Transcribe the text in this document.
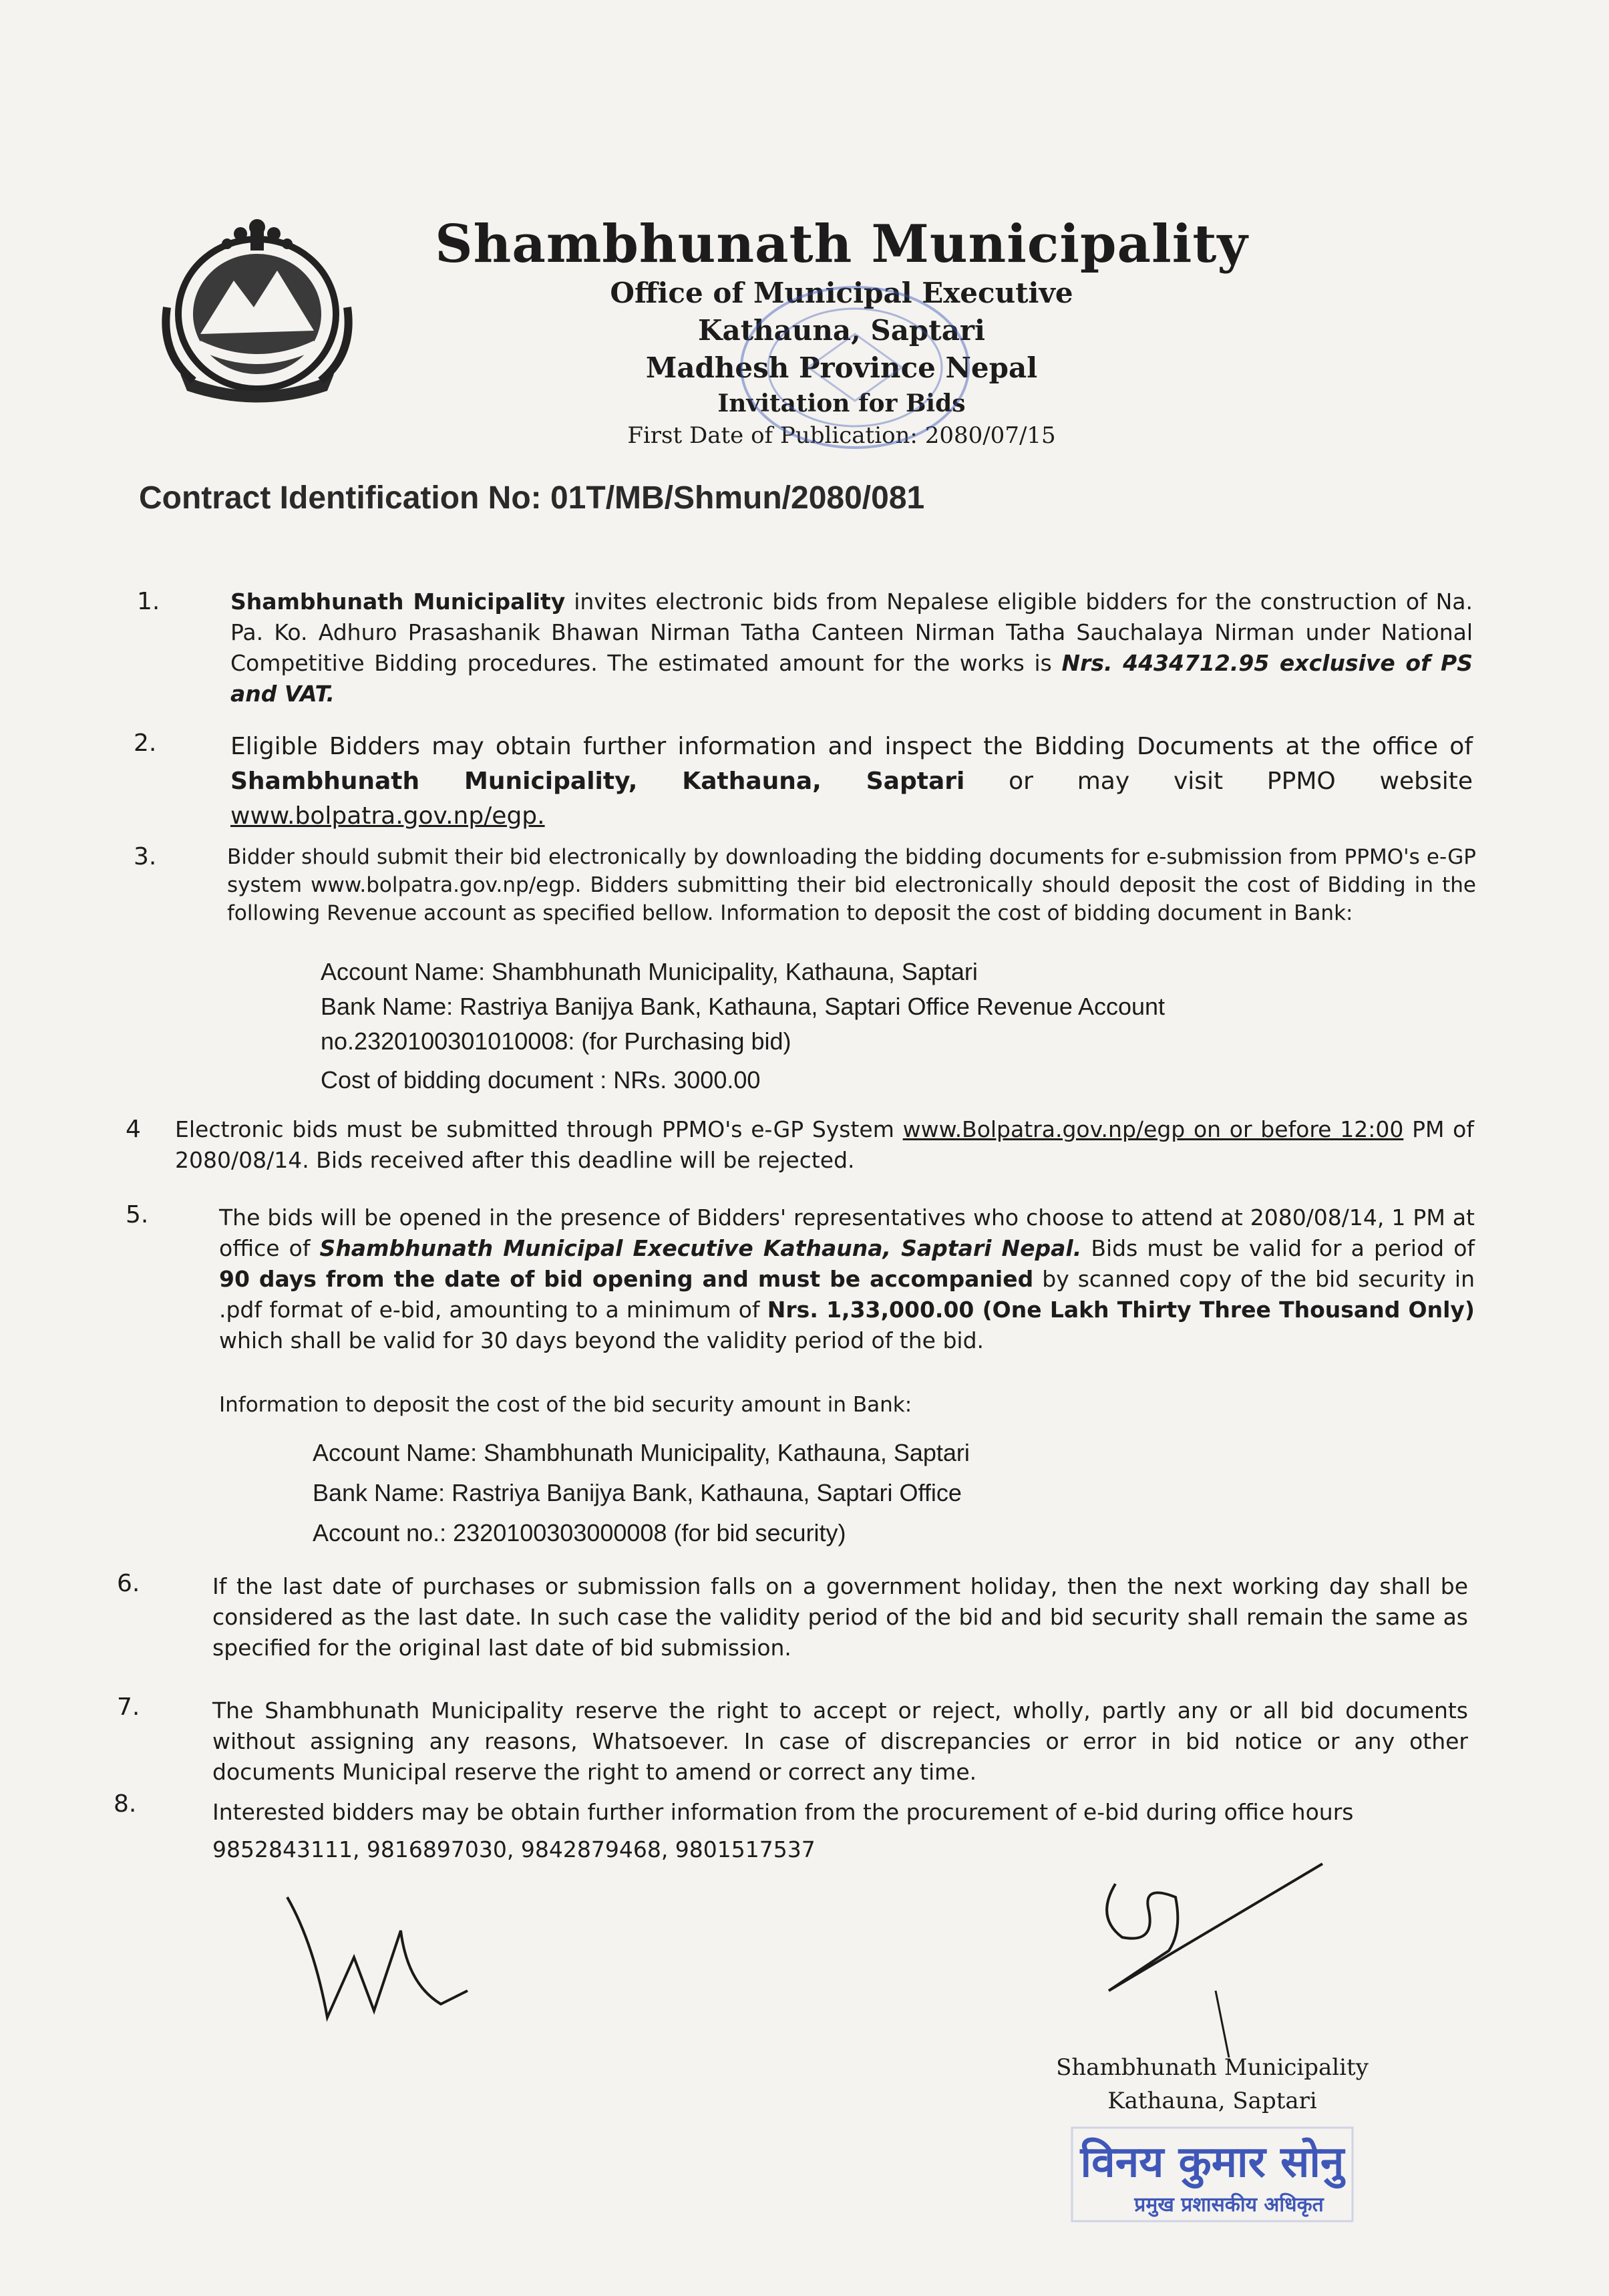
Shambhunath Municipality
Office of Municipal Executive
Kathauna, Saptari
Madhesh Province Nepal
Invitation for Bids
First Date of Publication: 2080/07/15
Contract Identification No: 01T/MB/Shmun/2080/081
1.	Shambhunath Municipality invites electronic bids from Nepalese eligible bidders for the construction of Na. Pa. Ko. Adhuro Prasashanik Bhawan Nirman Tatha Canteen Nirman Tatha Sauchalaya Nirman under National Competitive Bidding procedures. The estimated amount for the works is Nrs. 4434712.95 exclusive of PS and VAT.
2.	Eligible Bidders may obtain further information and inspect the Bidding Documents at the office of Shambhunath Municipality, Kathauna, Saptari or may visit PPMO website www.bolpatra.gov.np/egp.
3.	Bidder should submit their bid electronically by downloading the bidding documents for e-submission from PPMO's e-GP system www.bolpatra.gov.np/egp. Bidders submitting their bid electronically should deposit the cost of Bidding in the following Revenue account as specified bellow. Information to deposit the cost of bidding document in Bank:
Account Name: Shambhunath Municipality, Kathauna, Saptari
Bank Name: Rastriya Banijya Bank, Kathauna, Saptari Office Revenue Account
no.2320100301010008: (for Purchasing bid)
Cost of bidding document : NRs. 3000.00
4 Electronic bids must be submitted through PPMO's e-GP System www.Bolpatra.gov.np/egp on or before 12:00 PM of 2080/08/14. Bids received after this deadline will be rejected.
5.	The bids will be opened in the presence of Bidders' representatives who choose to attend at 2080/08/14, 1 PM at office of Shambhunath Municipal Executive Kathauna, Saptari Nepal. Bids must be valid for a period of 90 days from the date of bid opening and must be accompanied by scanned copy of the bid security in .pdf format of e-bid, amounting to a minimum of Nrs. 1,33,000.00 (One Lakh Thirty Three Thousand Only) which shall be valid for 30 days beyond the validity period of the bid.
Information to deposit the cost of the bid security amount in Bank:
Account Name: Shambhunath Municipality, Kathauna, Saptari
Bank Name: Rastriya Banijya Bank, Kathauna, Saptari Office
Account no.: 2320100303000008 (for bid security)
6.	If the last date of purchases or submission falls on a government holiday, then the next working day shall be considered as the last date. In such case the validity period of the bid and bid security shall remain the same as specified for the original last date of bid submission.
7.	The Shambhunath Municipality reserve the right to accept or reject, wholly, partly any or all bid documents without assigning any reasons, Whatsoever. In case of discrepancies or error in bid notice or any other documents Municipal reserve the right to amend or correct any time.
8.	Interested bidders may be obtain further information from the procurement of e-bid during office hours
9852843111, 9816897030, 9842879468, 9801517537
Shambhunath Municipality
Kathauna, Saptari
विनय कुमार सोनु
प्रमुख प्रशासकीय अधिकृत
